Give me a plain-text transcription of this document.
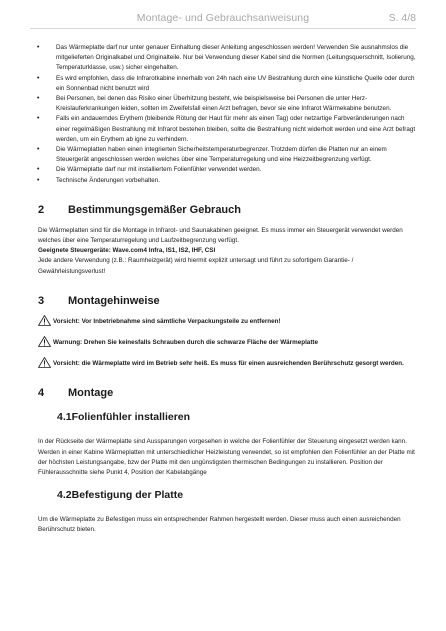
Montage- und Gebrauchsanweisung	S. 4/8
•	Das Wärmeplatte darf nur unter genauer Einhaltung dieser Anleitung angeschlossen werden! Verwenden Sie ausnahmslos die mitgelieferten Originalkabel und Originalteile. Nur bei Verwendung dieser Kabel sind die Normen (Leitungsquerschnitt, Isolierung, Temperaturklasse, usw.) sicher eingehalten.
•	Es wird empfohlen, dass die Infrarotkabine innerhalb von 24h nach eine UV Bestrahlung durch eine künstliche Quelle oder durch ein Sonnenbad nicht benutzt wird
•	Bei Personen, bei denen das Risiko einer Überhitzung besteht, wie beispielsweise bei Personen die unter Herz-Kreislauferkrankungen leiden, sollten im Zweifelsfall einen Arzt befragen, bevor sie eine Infrarot Wärmekabine benutzen.
•	Falls ein andauerndes Erythem (bleibende Rötung der Haut für mehr als einen Tag) oder netzartige Farbveränderungen nach einer regelmäßigen Bestrahlung mit Infrarot bestehen bleiben, sollte die Bestrahlung nicht widerholt werden und eine Arzt befragt werden, um ein Erythem ab igne zu verhindern.
•	Die Wärmeplatten haben einen integrierten Sicherheitstemperaturbegrenzer. Trotzdem dürfen die Platten nur an einem Steuergerät angeschlossen werden welches über eine Temperaturregelung und eine Heizzeitbegrenzung verfügt.
•	Die Wärmeplatte darf nur mit installiertem Folienfühler verwendet werden.
•	Technische Änderungen vorbehalten.
2	Bestimmungsgemäßer Gebrauch

Die Wärmeplatten sind für die Montage in Infrarot- und Saunakabinen geeignet. Es muss immer ein Steuergerät verwendet werden welches über eine Temperaturregelung und Laufzeitbegrenzung verfügt.

Geeignete Steuergeräte: Wave.com4 Infra, IS1, IS2, IHF, CSI

Jede andere Verwendung (z.B.: Raumheizgerät) wird hiermit explizit untersagt und führt zu sofortigem Garantie- / Gewährleistungsverlust!

3	Montagehinweise
Vorsicht: Vor Inbetriebnahme sind sämtliche Verpackungsteile zu entfernen!
Warnung: Drehen Sie keinesfalls Schrauben durch die schwarze Fläche der Wärmeplatte
Vorsicht: die Wärmeplatte wird im Betrieb sehr heiß. Es muss für einen ausreichenden Berührschutz gesorgt werden.
4	Montage
4.1 Folienfühler installieren

In der Rückseite der Wärmeplatte sind Aussparungen vorgesehen in welche der Folienfühler der Steuerung eingesetzt werden kann.

Werden in einer Kabine Wärmeplatten mit unterschiedlicher Heizleistung verwendet, so ist empfohlen den Folienfühler an der Platte mit der höchsten Leistungsangabe, bzw der Platte mit den ungünstigsten thermischen Bedingungen zu installieren. Position der Fühlerausschnitte siehe Punkt 4, Position der Kabelabgänge

4.2 Befestigung der Platte

Um die Wärmeplatte zu Befestigen muss ein entsprechender Rahmen hergestellt werden. Dieser muss auch einen ausreichenden Berührschutz bieten.
